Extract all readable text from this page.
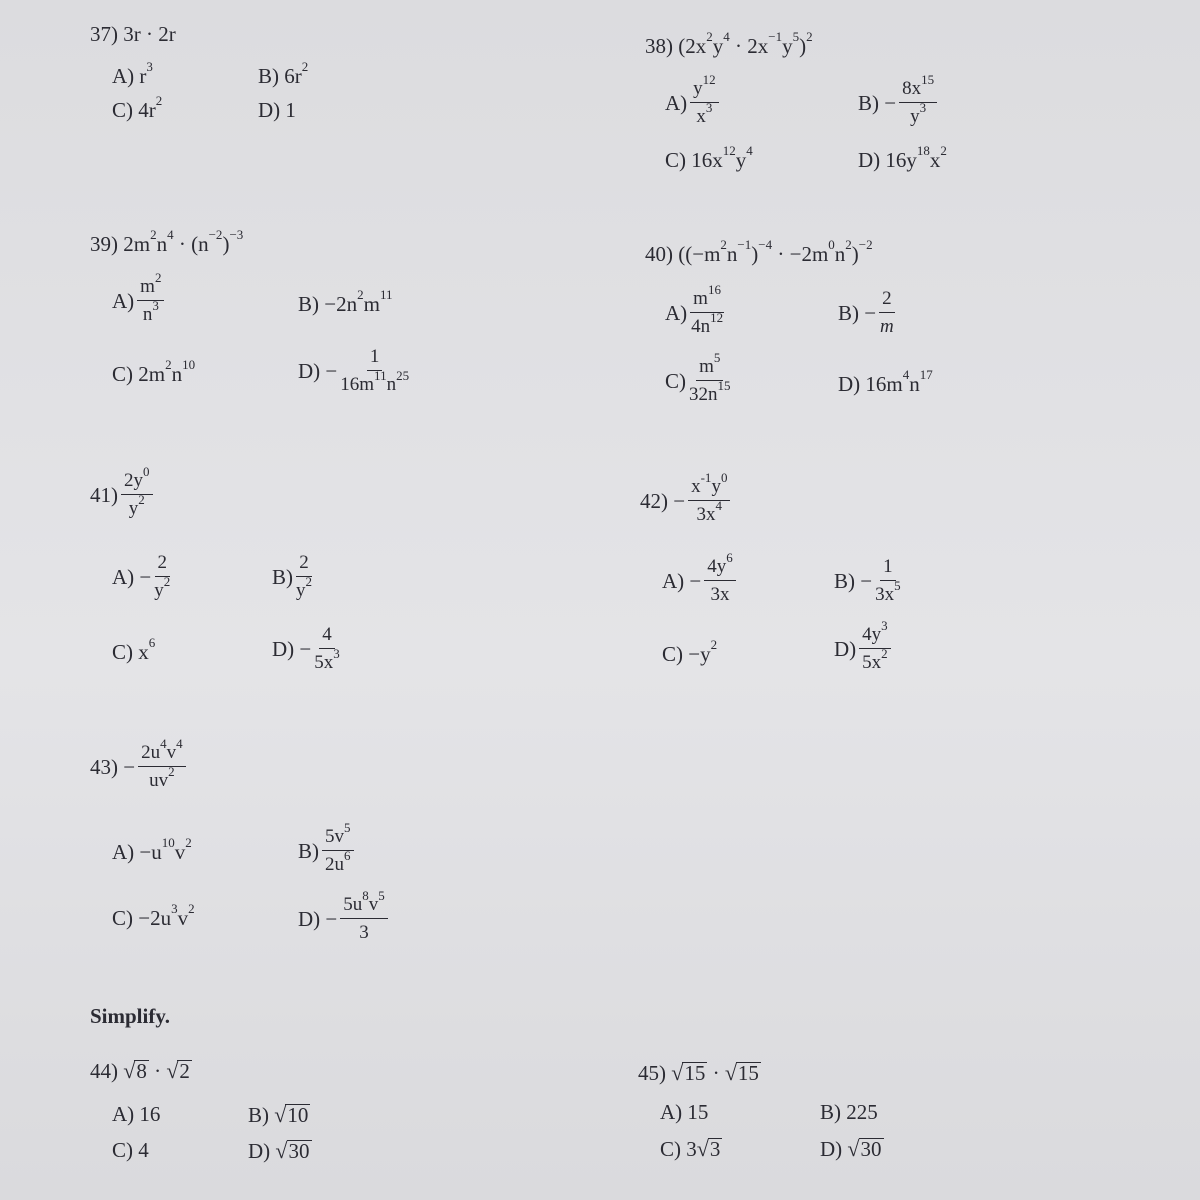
37) 3r · 2r
A) $r^3$	B) $6r^2$
C) $4r^2$	D) 1
38) $(2x^2y^4 \cdot 2x^{-1}y^5)^2$
$A) \frac{y^{12}}{x^3}$	$B) - \frac{8x^{15}}{y^3}$
C) $16x^{12}y^4$	D) $16y^{18}x^2$
39) $2m^2n^4 \cdot (n^{-2})^{-3}$
$A) \frac{m^2}{n^3}$	$B) -2n^2m^{11}$
C) $2m^2n^{10}$	$D) - \frac{1}{16m^{11}n^{25}}$
40) $((-m^2n^{-1})^{-4} \cdot -2m^0n^2)^{-2}$
$A) \frac{m^{16}}{4n^{12}}$	$B) - \frac{2}{m}$
$C) \frac{m^5}{32n^{15}}$	D) $16m^4n^{17}$
$41) \frac{2y^0}{y^2}$
$A) - \frac{2}{y^2}$	$B) \frac{2}{y^2}$
C) $x^6$	$D) - \frac{4}{5x^3}$
$42) - \frac{x^{-1}y^0}{3x^4}$
$A) - \frac{4y^6}{3x}$	$B) - \frac{1}{3x^5}$
$C) -y^2$	$D) \frac{4y^3}{5x^2}$
$43) - \frac{2u^4v^4}{uv^2}$
$A) -u^{10}v^2$	$B) \frac{5v^5}{2u^6}$
$C) -2u^3v^2$	$D) - \frac{5u^8v^5}{3}$
Simplify.
44) √8 · √2
A) 16	B) √10
C) 4	D) √30
45) √15 · √15
A) 15	B) 225
C) 3√3	D) √30
